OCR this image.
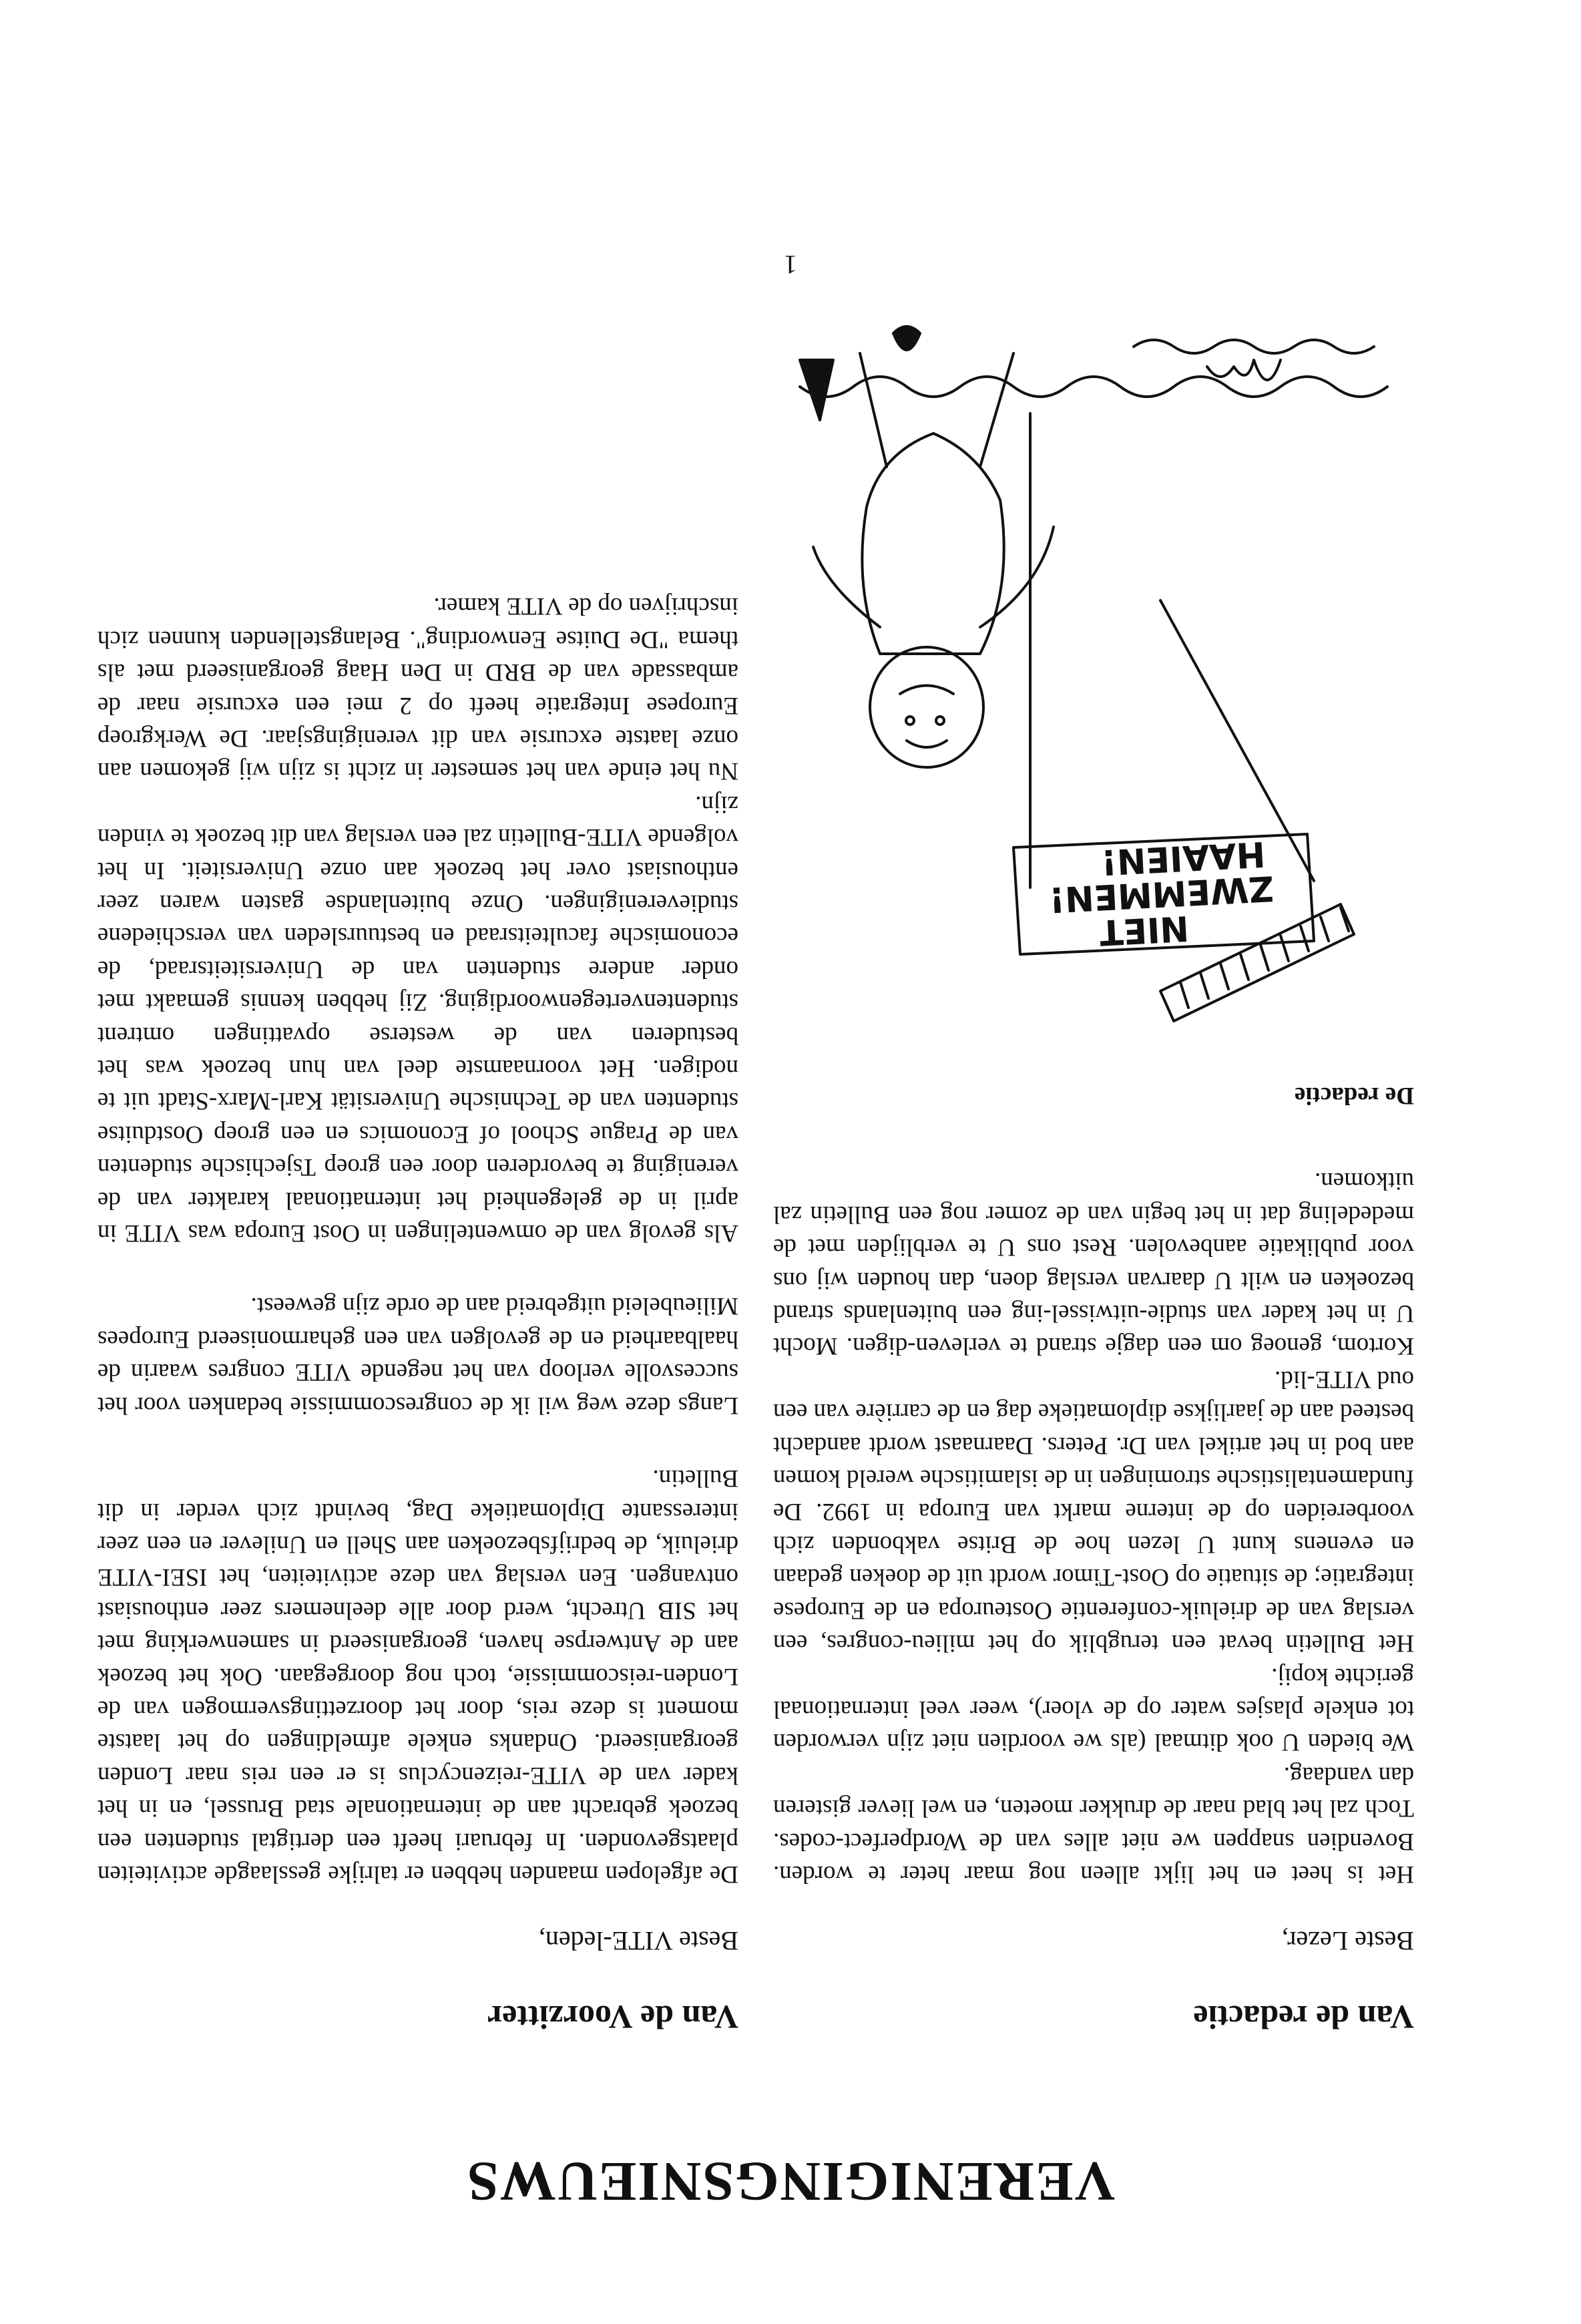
VERENIGINGSNIEUWS
Van de redactie

Beste Lezer,

Het is heet en het lijkt alleen nog maar heter te worden. Bovendien snappen we niet alles van de Wordperfect-codes. Toch zal het blad naar de drukker moeten, en wel liever gisteren dan vandaag.

We bieden U ook ditmaal (als we voordien niet zijn verworden tot enkele plasjes water op de vloer), weer veel internationaal gerichte kopij.

Het Bulletin bevat een terugblik op het milieu-congres, een verslag van de drieluik-conferentie Oosteuropa en de Europese integratie; de situatie op Oost-Timor wordt uit de doeken gedaan en evenens kunt U lezen hoe de Britse vakbonden zich voorbereiden op de interne markt van Europa in 1992. De fundamentalistische stromingen in de islamitische wereld komen aan bod in het artikel van Dr. Peters. Daarnaast wordt aandacht besteed aan de jaarlijkse diplomatieke dag en de carrière van een oud VITE-lid.

Kortom, genoeg om een dagje strand te verleven-digen. Mocht U in het kader van studie-uitwissel-ing een buitenlands strand bezoeken en wilt U daarvan verslag doen, dan houden wij ons voor publikatie aanbevolen. Rest ons U te verblijden met de mededeling dat in het begin van de zomer nog een Bulletin zal uitkomen.

De redactie

NIET
ZWEMMEN!
HAAIEN!
Van de Voorzitter

Beste VITE-leden,

De afgelopen maanden hebben er talrijke gesslaagde activiteiten plaatsgevonden. In februari heeft een dertigtal studenten een bezoek gebracht aan de internationale stad Brussel, en in het kader van de VITE-reizencyclus is er een reis naar Londen georganiseerd. Ondanks enkele afmeldingen op het laatste moment is deze reis, door het doorzettingsvermogen van de Londen-reiscommissie, toch nog doorgegaan. Ook het bezoek aan de Antwerpse haven, georganiseerd in samenwerking met het SIB Utrecht, werd door alle deelnemers zeer enthousiast ontvangen. Een verslag van deze activiteiten, het ISEI-VITE drieluik, de bedrijfsbezoeken aan Shell en Unilever en een zeer interessante Diplomatieke Dag, bevindt zich verder in dit Bulletin.

Langs deze weg wil ik de congrescommissie bedanken voor het succesvolle verloop van het negende VITE congres waarin de haalbaarheid en de gevolgen van een geharmoniseerd Europees Milieubeleid uitgebreid aan de orde zijn geweest.

Als gevolg van de omwentelingen in Oost Europa was VITE in april in de gelegenheid het internationaal karakter van de vereniging te bevorderen door een groep Tsjechische studenten van de Prague School of Economics en een groep Oostduitse studenten van de Technische Universität Karl-Marx-Stadt uit te nodigen. Het voornaamste deel van hun bezoek was het bestuderen van de westerse opvattingen omtrent studentenvertegenwoordiging. Zij hebben kennis gemaakt met onder andere studenten van de Universiteitsraad, de economische faculteitsraad en bestuursleden van verschiedene studieverenigingen. Onze buitenlandse gasten waren zeer enthousiast over het bezoek aan onze Universiteit. In het volgende VITE-Bulletin zal een verslag van dit bezoek te vinden zijn.

Nu het einde van het semester in zicht is zijn wij gekomen aan onze laatste excursie van dit verenigingsjaar. De Werkgroep Europese Integratie heeft op 2 mei een excursie naar de ambassade van de BRD in Den Haag georganiseerd met als thema "De Duitse Eenwording". Belangstellenden kunnen zich inschrijven op de VITE kamer.

1
